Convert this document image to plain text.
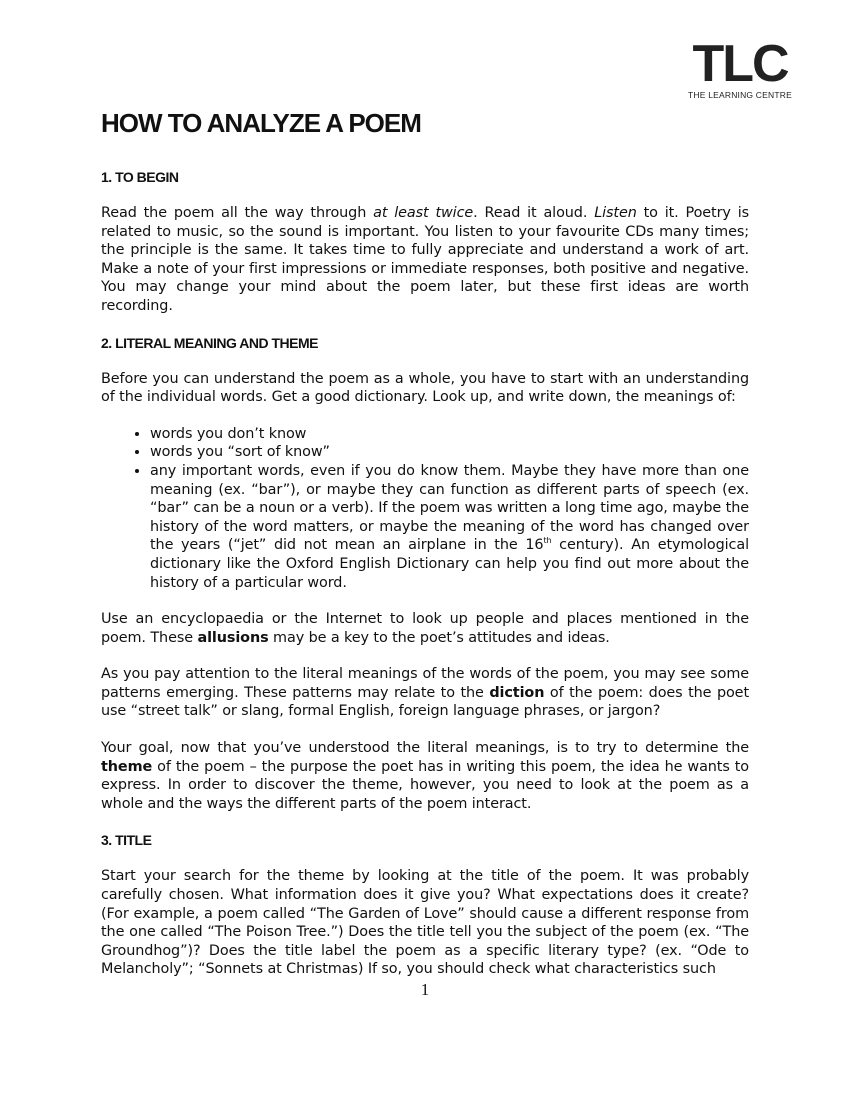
TLC
THE LEARNING CENTRE
HOW TO ANALYZE A POEM
1. TO BEGIN

Read the poem all the way through at least twice. Read it aloud. Listen to it. Poetry is related to music, so the sound is important. You listen to your favourite CDs many times; the principle is the same. It takes time to fully appreciate and understand a work of art. Make a note of your first impressions or immediate responses, both positive and negative. You may change your mind about the poem later, but these first ideas are worth recording.

2. LITERAL MEANING AND THEME

Before you can understand the poem as a whole, you have to start with an understanding of the individual words. Get a good dictionary. Look up, and write down, the meanings of:

• words you don’t know
• words you “sort of know”
• any important words, even if you do know them. Maybe they have more than one meaning (ex. “bar”), or maybe they can function as different parts of speech (ex. “bar” can be a noun or a verb). If the poem was written a long time ago, maybe the history of the word matters, or maybe the meaning of the word has changed over the years (“jet” did not mean an airplane in the 16th century). An etymological dictionary like the Oxford English Dictionary can help you find out more about the history of a particular word.

Use an encyclopaedia or the Internet to look up people and places mentioned in the poem. These allusions may be a key to the poet’s attitudes and ideas.

As you pay attention to the literal meanings of the words of the poem, you may see some patterns emerging. These patterns may relate to the diction of the poem: does the poet use “street talk” or slang, formal English, foreign language phrases, or jargon?

Your goal, now that you’ve understood the literal meanings, is to try to determine the theme of the poem – the purpose the poet has in writing this poem, the idea he wants to express. In order to discover the theme, however, you need to look at the poem as a whole and the ways the different parts of the poem interact.

3. TITLE

Start your search for the theme by looking at the title of the poem. It was probably carefully chosen. What information does it give you? What expectations does it create? (For example, a poem called “The Garden of Love” should cause a different response from the one called “The Poison Tree.”) Does the title tell you the subject of the poem (ex. “The Groundhog”)? Does the title label the poem as a specific literary type? (ex. “Ode to Melancholy”; “Sonnets at Christmas) If so, you should check what characteristics such

1
